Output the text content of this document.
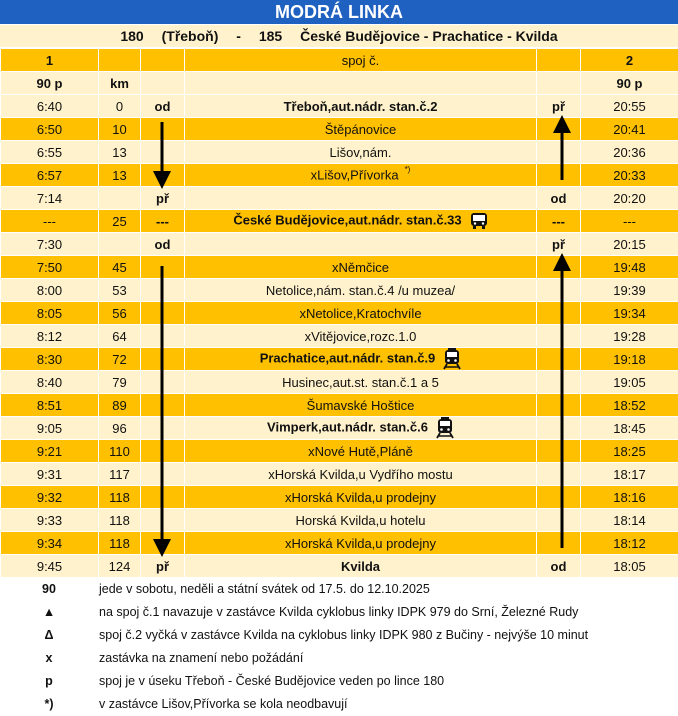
MODRÁ LINKA
180 (Třeboň) - 185 České Budějovice - Prachatice - Kvilda
1			spoj č.		2
90 p	km				90 p
6:40	0	od	Třeboň,aut.nádr. stan.č.2	př	20:55
6:50	10		Štěpánovice		20:41
6:55	13		Lišov,nám.		20:36
6:57	13		xLišov,Přívorka *)		20:33
7:14		př		od	20:20
---	25	---	České Budějovice,aut.nádr. stan.č.33	---	---
7:30		od		př	20:15
7:50	45		xNěmčice		19:48
8:00	53		Netolice,nám. stan.č.4 /u muzea/		19:39
8:05	56		xNetolice,Kratochvíle		19:34
8:12	64		xVitějovice,rozc.1.0		19:28
8:30	72		Prachatice,aut.nádr. stan.č.9		19:18
8:40	79		Husinec,aut.st. stan.č.1 a 5		19:05
8:51	89		Šumavské Hoštice		18:52
9:05	96		Vimperk,aut.nádr. stan.č.6		18:45
9:21	110		xNové Hutě,Pláně		18:25
9:31	117		xHorská Kvilda,u Vydřího mostu		18:17
9:32	118		xHorská Kvilda,u prodejny		18:16
9:33	118		Horská Kvilda,u hotelu		18:14
9:34	118		xHorská Kvilda,u prodejny		18:12
9:45	124	př	Kvilda	od	18:05
90	jede v sobotu, neděli a státní svátek od 17.5. do 12.10.2025
▲	na spoj č.1 navazuje v zastávce Kvilda cyklobus linky IDPK 979 do Srní, Železné Rudy
Δ	spoj č.2 vyčká v zastávce Kvilda na cyklobus linky IDPK 980 z Bučiny - nejvýše 10 minut
x	zastávka na znamení nebo požádání
p	spoj je v úseku Třeboň - České Budějovice veden po lince 180
*)	v zastávce Lišov,Přívorka se kola neodbavují
